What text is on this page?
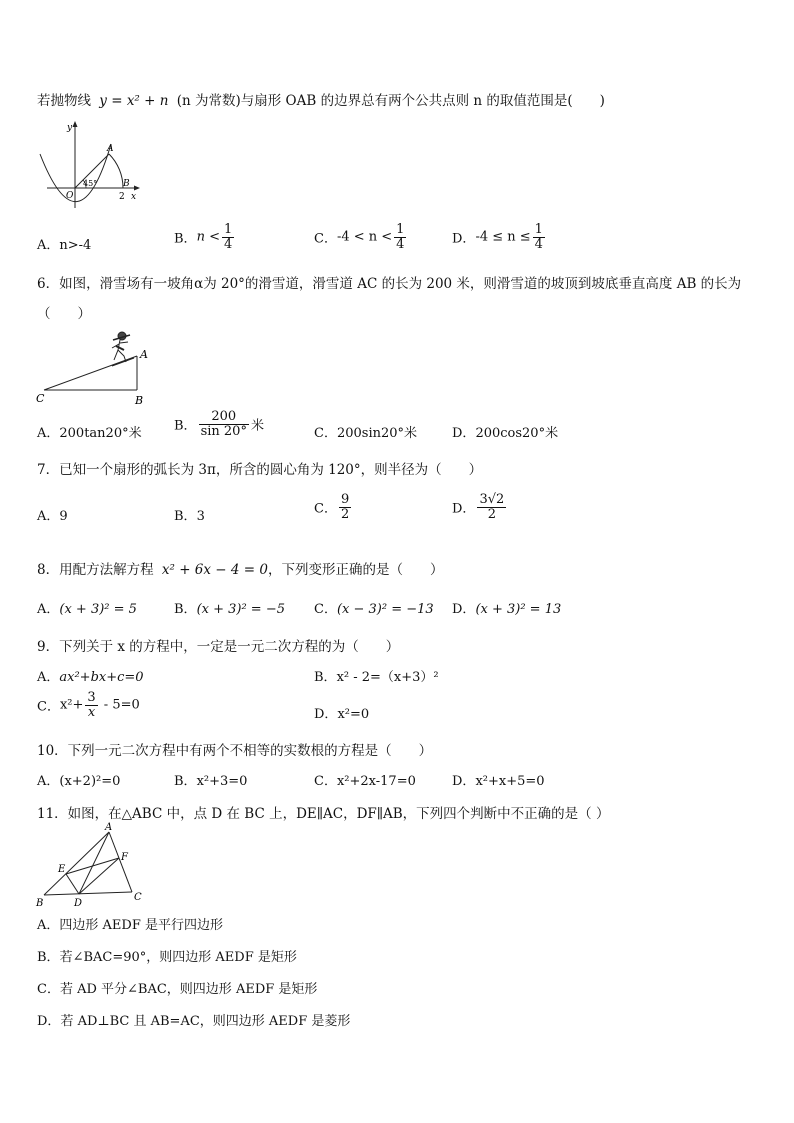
若抛物线 y = x² + n (n 为常数)与扇形 OAB 的边界总有两个公共点则 n 的取值范围是(　　)
y
x
O
A
B
45°
2
A．n>-4	B．$n < \frac{1}{4}$	C．$-4 < n < \frac{1}{4}$	D．$-4 \le n \le \frac{1}{4}$
6．如图，滑雪场有一坡角α为 20°的滑雪道，滑雪道 AC 的长为 200 米，则滑雪道的坡顶到坡底垂直高度 AB 的长为
（　　）
A
B
C
A．200tan20°米 B． $\frac{200}{\sin 20^\circ}$ 米	C．200sin20°米	D．200cos20°米
7．已知一个扇形的弧长为 3π，所含的圆心角为 120°，则半径为（　　）
A．9	B．3	C． $\frac{9}{2}$	D． $\frac{3√2}{2}$
8．用配方法解方程 x² + 6x − 4 = 0，下列变形正确的是（　　）
A．(x + 3)² = 5	B．(x + 3)² = −5 C．(x − 3)² = −13 D．(x + 3)² = 13
9．下列关于 x 的方程中，一定是一元二次方程的为（　　）
A．ax²+bx+c=0	B．x² - 2=（x+3）²
C．$x^2+ \frac{3}{x} - 5=0$
D．x²=0
10．下列一元二次方程中有两个不相等的实数根的方程是（　　）
A．(x+2)²=0	B．x²+3=0	C．x²+2x-17=0	D．x²+x+5=0
11．如图，在△ABC 中，点 D 在 BC 上，DE∥AC，DF∥AB，下列四个判断中不正确的是（ ）
A
B
C
D
E
F
A．四边形 AEDF 是平行四边形
B．若∠BAC=90°，则四边形 AEDF 是矩形
C．若 AD 平分∠BAC，则四边形 AEDF 是矩形
D．若 AD⊥BC 且 AB=AC，则四边形 AEDF 是菱形
